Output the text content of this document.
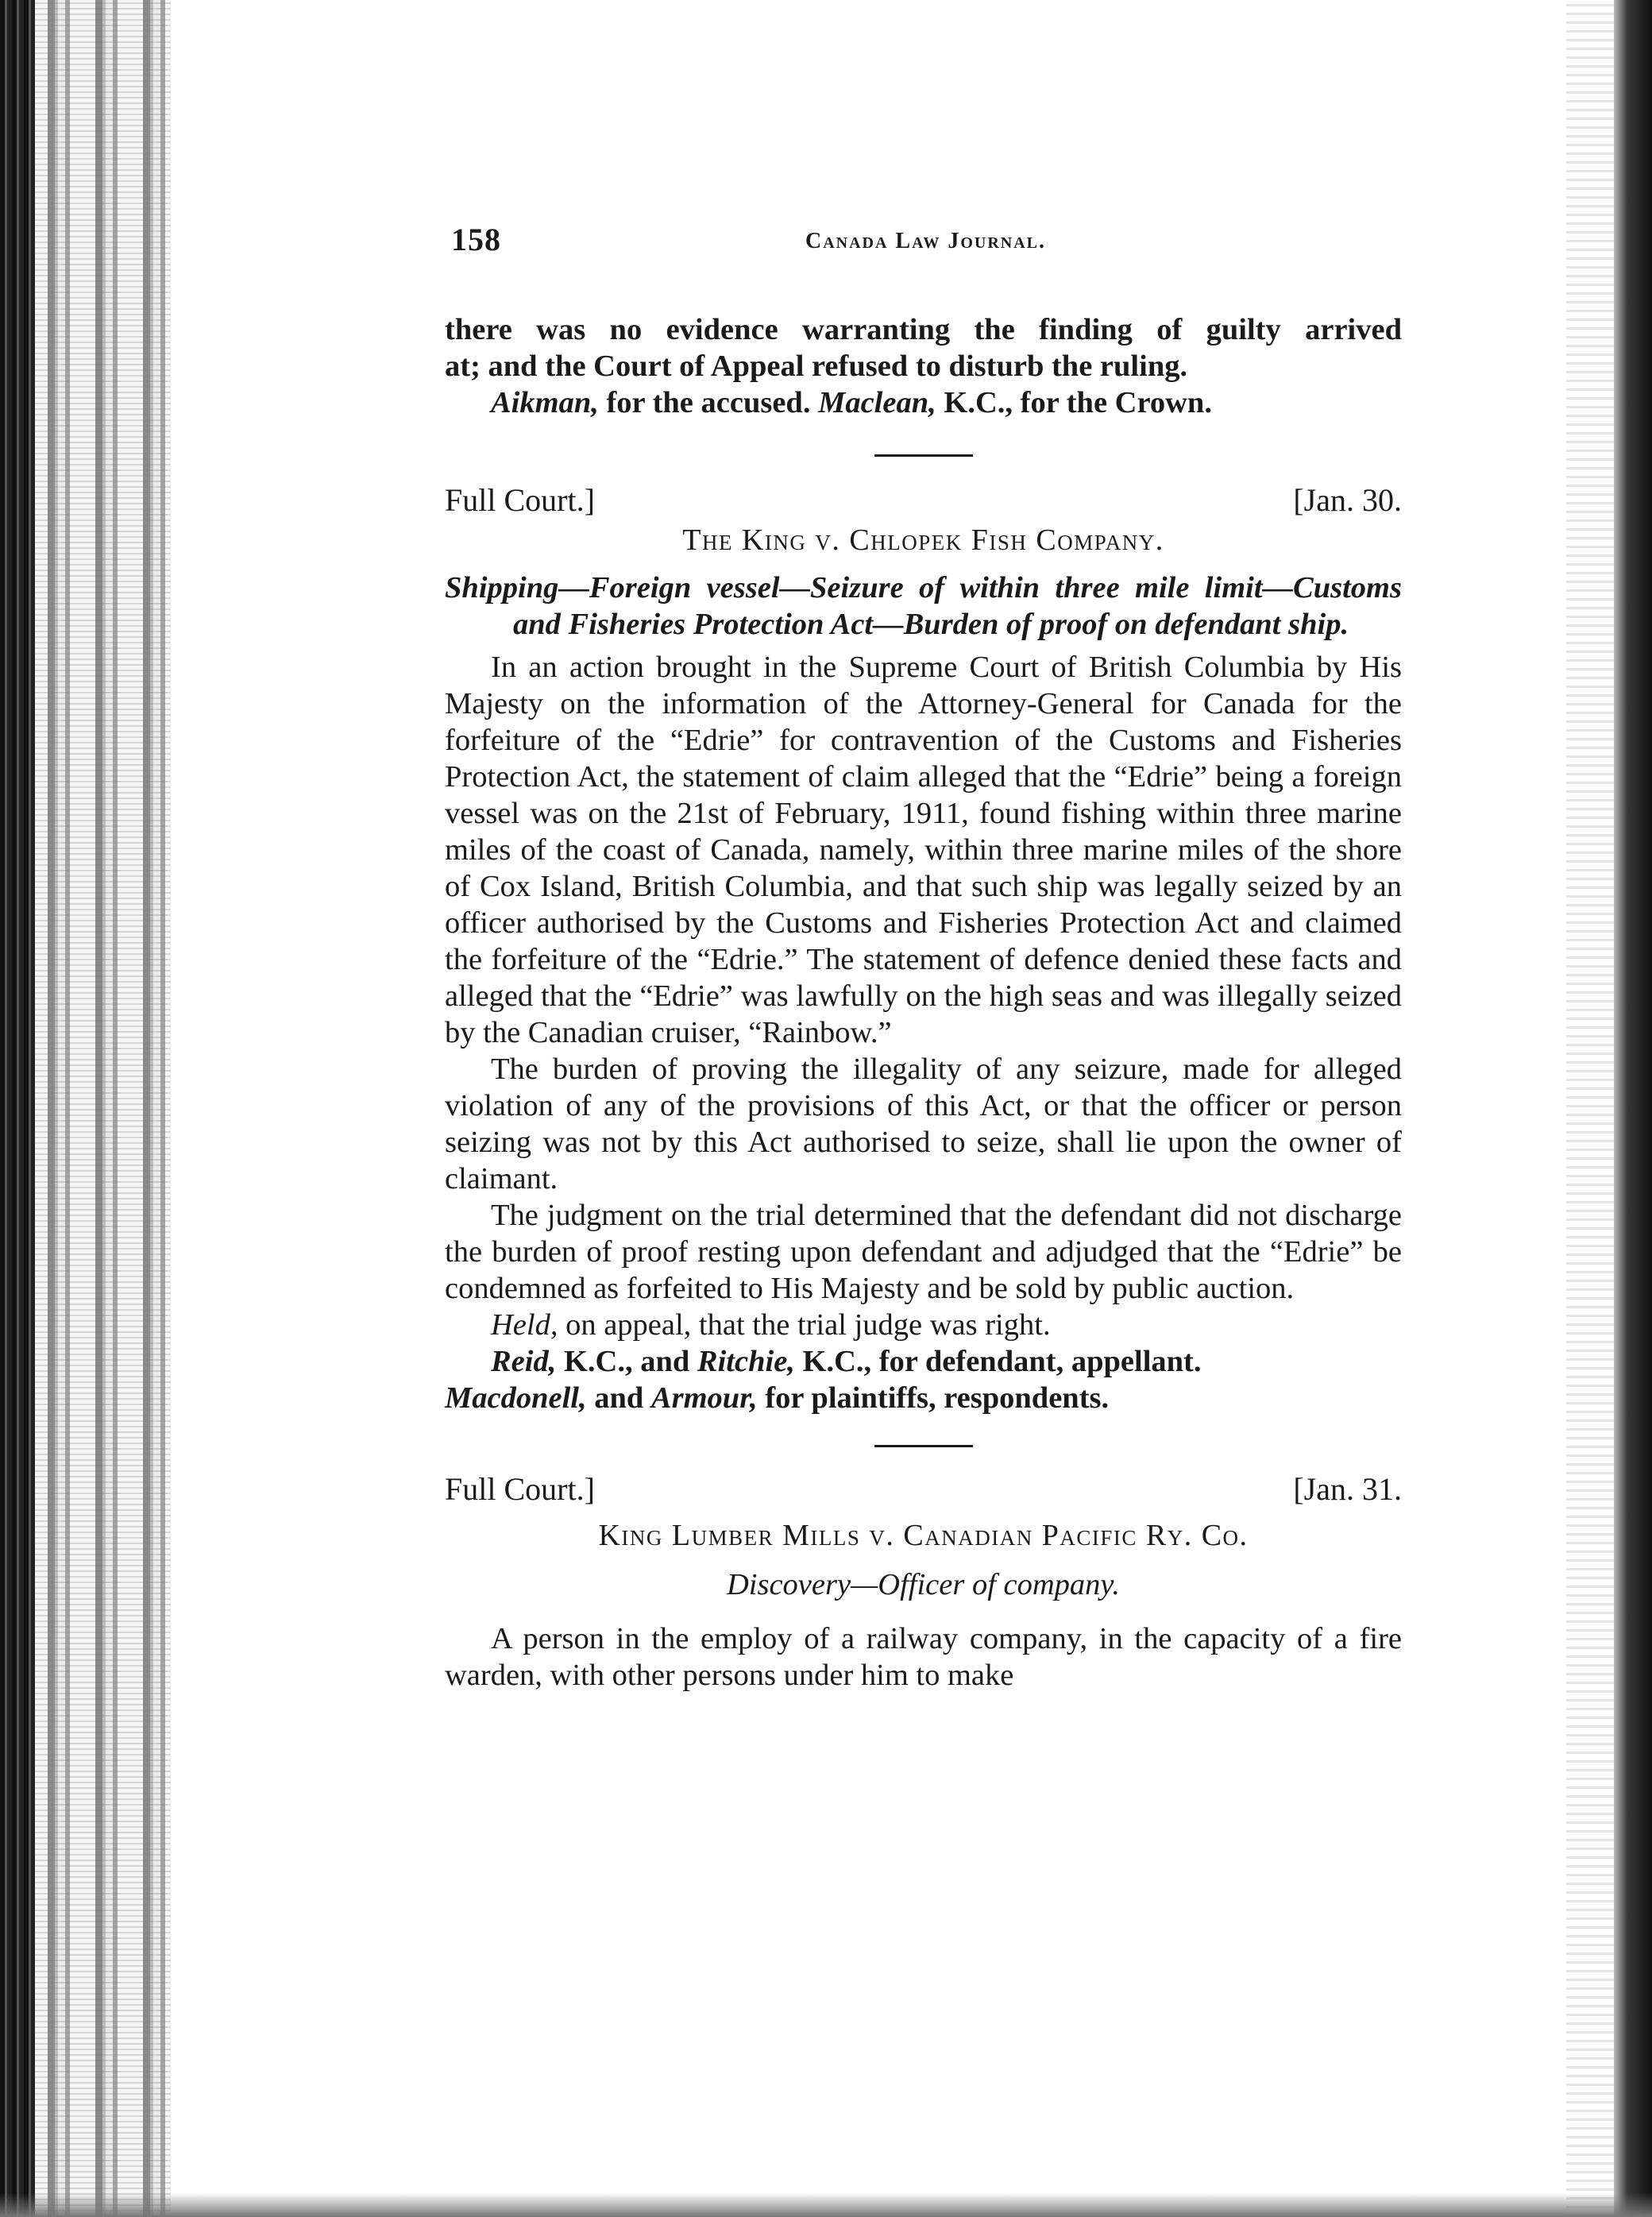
158	Canada Law Journal.

there was no evidence warranting the finding of guilty arrived

at; and the Court of Appeal refused to disturb the ruling.

Aikman, for the accused. Maclean, K.C., for the Crown.

Full Court.]	[Jan. 30.
The King v. Chlopek Fish Company.

Shipping—Foreign vessel—Seizure of within three mile limit—Customs and Fisheries Protection Act—Burden of proof on defendant ship.

In an action brought in the Supreme Court of British Columbia by His Majesty on the information of the Attorney-General for Canada for the forfeiture of the “Edrie” for contravention of the Customs and Fisheries Protection Act, the statement of claim alleged that the “Edrie” being a foreign vessel was on the 21st of February, 1911, found fishing within three marine miles of the coast of Canada, namely, within three marine miles of the shore of Cox Island, British Columbia, and that such ship was legally seized by an officer authorised by the Customs and Fisheries Protection Act and claimed the forfeiture of the “Edrie.” The statement of defence denied these facts and alleged that the “Edrie” was lawfully on the high seas and was illegally seized by the Canadian cruiser, “Rainbow.”

The burden of proving the illegality of any seizure, made for alleged violation of any of the provisions of this Act, or that the officer or person seizing was not by this Act authorised to seize, shall lie upon the owner of claimant.

The judgment on the trial determined that the defendant did not discharge the burden of proof resting upon defendant and adjudged that the “Edrie” be condemned as forfeited to His Majesty and be sold by public auction.

Held, on appeal, that the trial judge was right.

Reid, K.C., and Ritchie, K.C., for defendant, appellant.

Macdonell, and Armour, for plaintiffs, respondents.

Full Court.]	[Jan. 31.
King Lumber Mills v. Canadian Pacific Ry. Co.
Discovery—Officer of company.

A person in the employ of a railway company, in the capacity of a fire warden, with other persons under him to make
